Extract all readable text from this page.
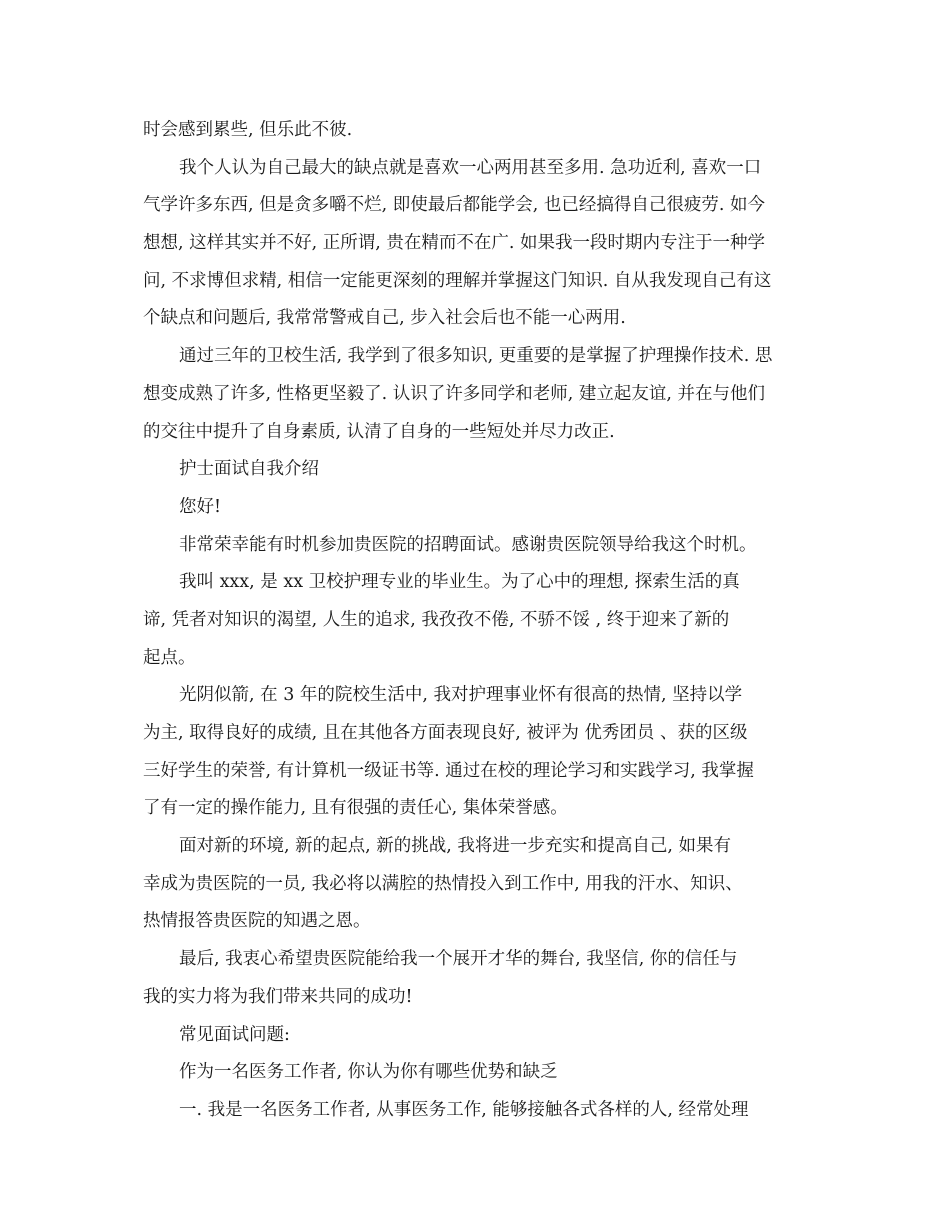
时会感到累些, 但乐此不彼.
我个人认为自己最大的缺点就是喜欢一心两用甚至多用. 急功近利, 喜欢一口
气学许多东西, 但是贪多嚼不烂, 即使最后都能学会, 也已经搞得自己很疲劳. 如今
想想, 这样其实并不好, 正所谓, 贵在精而不在广. 如果我一段时期内专注于一种学
问, 不求博但求精, 相信一定能更深刻的理解并掌握这门知识. 自从我发现自己有这
个缺点和问题后, 我常常警戒自己, 步入社会后也不能一心两用.
通过三年的卫校生活, 我学到了很多知识, 更重要的是掌握了护理操作技术. 思
想变成熟了许多, 性格更坚毅了. 认识了许多同学和老师, 建立起友谊, 并在与他们
的交往中提升了自身素质, 认清了自身的一些短处并尽力改正.
护士面试自我介绍
您好!
非常荣幸能有时机参加贵医院的招聘面试。感谢贵医院领导给我这个时机。
我叫 xxx, 是 xx 卫校护理专业的毕业生。为了心中的理想, 探索生活的真
谛, 凭者对知识的渴望, 人生的追求, 我孜孜不倦, 不骄不馁 , 终于迎来了新的
起点。
光阴似箭, 在 3 年的院校生活中, 我对护理事业怀有很高的热情, 坚持以学
为主, 取得良好的成绩, 且在其他各方面表现良好, 被评为 优秀团员 、获的区级
三好学生的荣誉, 有计算机一级证书等. 通过在校的理论学习和实践学习, 我掌握
了有一定的操作能力, 且有很强的责任心, 集体荣誉感。
面对新的环境, 新的起点, 新的挑战, 我将进一步充实和提高自己, 如果有
幸成为贵医院的一员, 我必将以满腔的热情投入到工作中, 用我的汗水、知识、
热情报答贵医院的知遇之恩。
最后, 我衷心希望贵医院能给我一个展开才华的舞台, 我坚信, 你的信任与
我的实力将为我们带来共同的成功!
常见面试问题:
作为一名医务工作者, 你认为你有哪些优势和缺乏
一. 我是一名医务工作者, 从事医务工作, 能够接触各式各样的人, 经常处理
